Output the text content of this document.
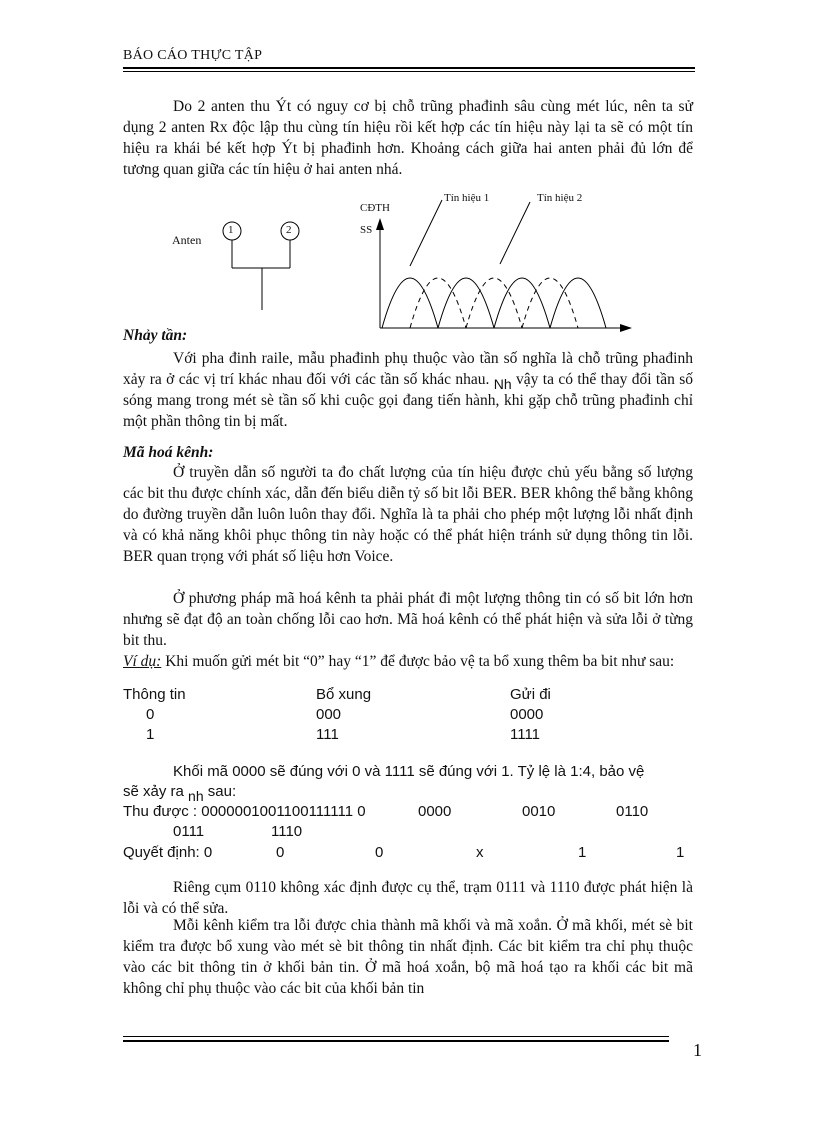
BÁO CÁO THỰC TẬP
Do 2 anten thu Ýt có nguy cơ bị chỗ trũng phađinh sâu cùng mét lúc, nên ta sử dụng 2 anten Rx độc lập thu cùng tín hiệu rồi kết hợp các tín hiệu này lại ta sẽ có một tín hiệu ra khái bé kết hợp Ýt bị phađinh hơn. Khoảng cách giữa hai anten phải đủ lớn để tương quan giữa các tín hiệu ở hai anten nhá.
Anten
1	2
CĐTH
SS
Tín hiệu 1	Tín hiệu 2
Nhảy tần:
Với pha đinh raile, mẫu phađinh phụ thuộc vào tần số nghĩa là chỗ trũng phađinh xảy ra ở các vị trí khác nhau đối với các tần số khác nhau. Nh vậy ta có thể thay đổi tần số sóng mang trong mét sè tần số khi cuộc gọi đang tiến hành, khi gặp chỗ trũng phađinh chỉ một phần thông tin bị mất.
Mã hoá kênh:
Ở truyền dẫn số người ta đo chất lượng của tín hiệu được chủ yếu bằng số lượng các bit thu được chính xác, dẫn đến biểu diễn tỷ số bit lỗi BER. BER không thể bằng không do đường truyền dẫn luôn luôn thay đổi. Nghĩa là ta phải cho phép một lượng lỗi nhất định và có khả năng khôi phục thông tin này hoặc có thể phát hiện tránh sử dụng thông tin lỗi. BER quan trọng với phát số liệu hơn Voice.
Ở phương pháp mã hoá kênh ta phải phát đi một lượng thông tin có số bit lớn hơn nhưng sẽ đạt độ an toàn chống lỗi cao hơn. Mã hoá kênh có thể phát hiện và sửa lỗi ở từng bit thu.
Ví dụ: Khi muốn gửi mét bit “0” hay “1” để được bảo vệ ta bổ xung thêm ba bit như sau:
Thông tin	Bổ xung	Gửi đi
0	000	0000
1	111	1111
Khối mã 0000 sẽ đúng với 0 và 1111 sẽ đúng với 1. Tỷ lệ là 1:4, bảo vệ
sẽ xảy ra nh sau:
Thu được : 0000001001100111111 0	0000	0010	0110
0111	1110
Quyết định: 0	0	0	x	1	1
Riêng cụm 0110 không xác định được cụ thể, trạm 0111 và 1110 được phát hiện là lỗi và có thể sửa.
Mỗi kênh kiểm tra lỗi được chia thành mã khối và mã xoắn. Ở mã khối, mét sè bit kiểm tra được bổ xung vào mét sè bit thông tin nhất định. Các bit kiểm tra chỉ phụ thuộc vào các bit thông tin ở khối bản tin. Ở mã hoá xoắn, bộ mã hoá tạo ra khối các bit mã không chỉ phụ thuộc vào các bit của khối bản tin
1
